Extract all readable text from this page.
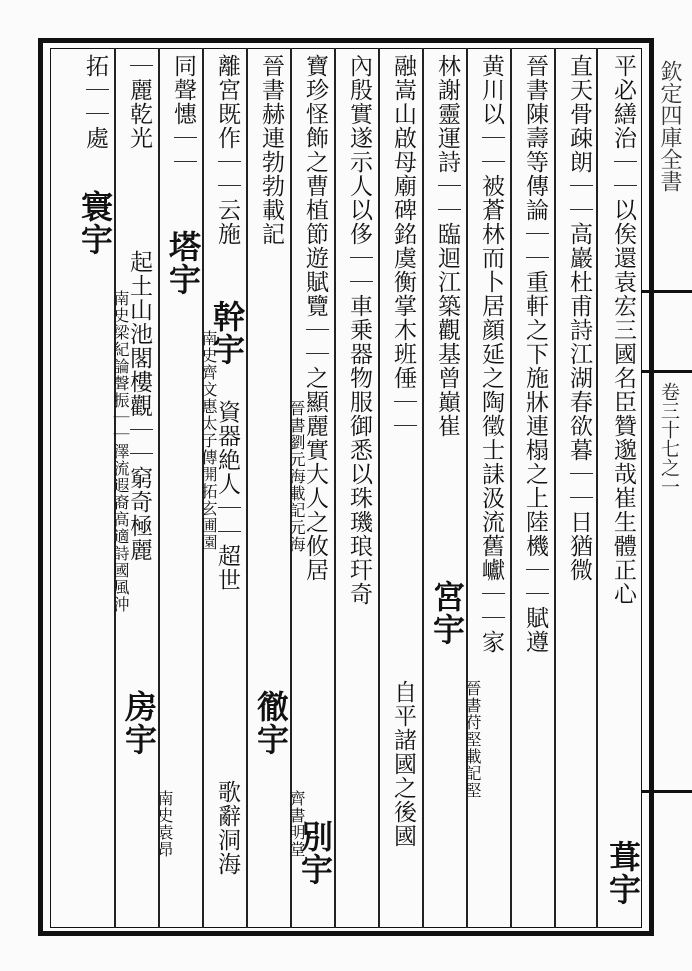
欽定四庫全書
卷三十七之一
平必繕治｜｜以俟還袁宏三國名臣贊邈哉崔生體正心
葺宇
直天骨疎朗｜｜高巖杜甫詩江湖春欲暮｜｜日猶微
晉書陳壽等傳論｜｜重軒之下施牀連榻之上陸機｜｜賦遵
黄川以｜｜被蒼林而卜居顔延之陶徵士誄汲流舊巘｜｜家
林謝靈運詩｜｜臨迴江築觀基曾巔崔
宮宇
晉書苻堅載記堅
融嵩山啟母廟碑銘虞衡掌木班倕｜｜
自平諸國之後國
內殷實遂示人以侈｜｜車乗器物服御悉以珠璣琅玕奇
寶珍怪飾之曹植節遊賦覽｜｜之顯麗實大人之攸居
別宇
晉書赫連勃勃載記
晉書劉元海載記元海
徹宇
齊書明堂
離宮既作｜｜云施
幹宇
資器絶人｜｜超世
歌辭洞海
同聲憓｜｜
塔宇
南史齊文惠太子傳開拓玄圃園
｜麗乾光
起土山池閣樓觀｜｜窮奇極麗
房宇
南史袁昂
拓｜｜處
寰宇
南史梁紀論聲振｜｜澤流遐裔高適詩國風沖
